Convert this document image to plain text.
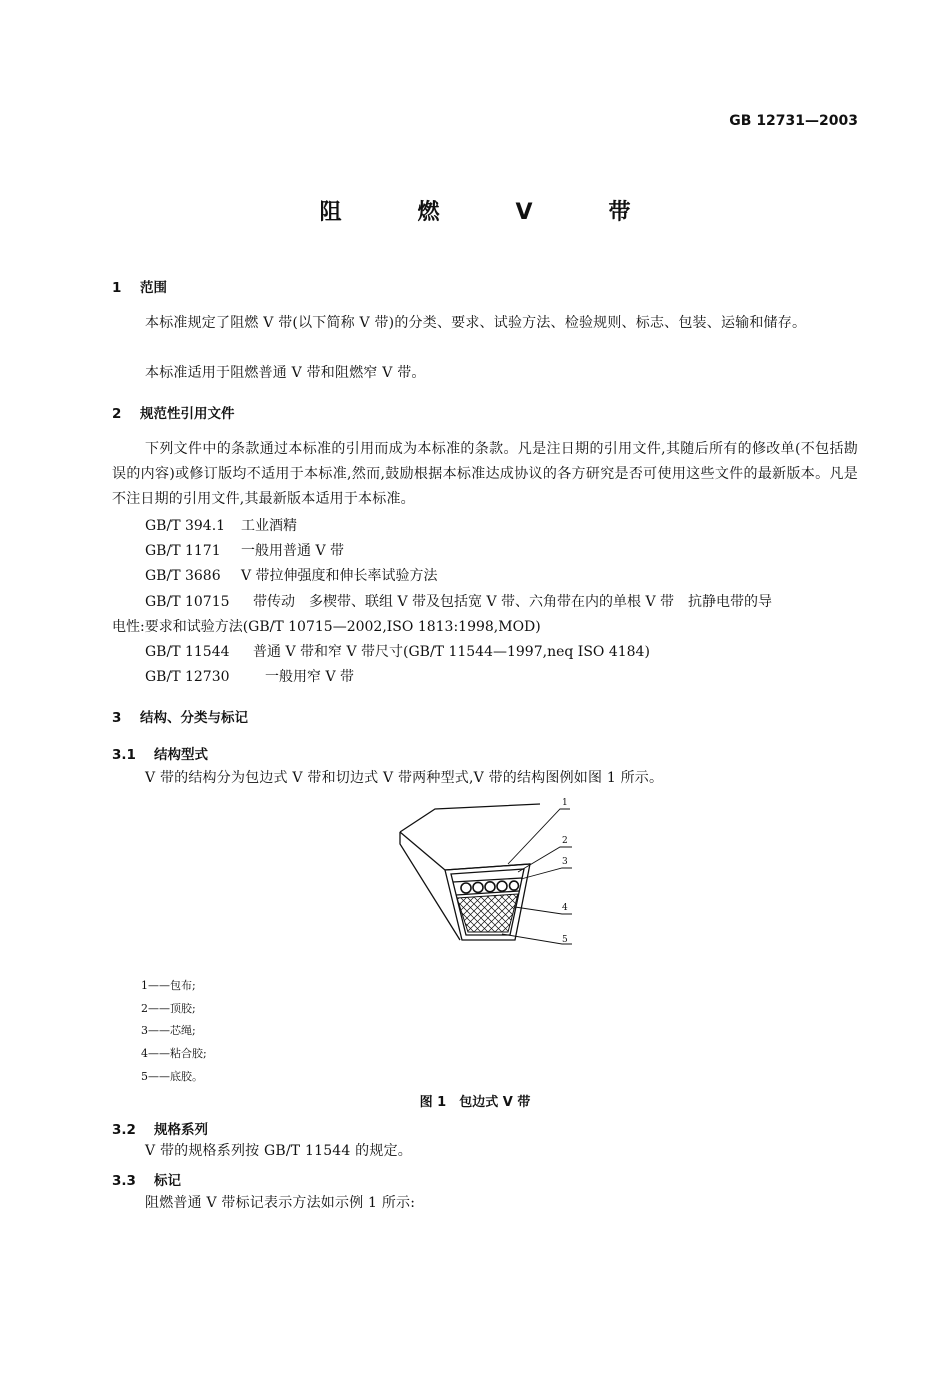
GB 12731—2003
阻	燃	V	带
1 范围
本标准规定了阻燃 V 带(以下简称 V 带)的分类、要求、试验方法、检验规则、标志、包装、运输和储存。
本标准适用于阻燃普通 V 带和阻燃窄 V 带。
2 规范性引用文件
下列文件中的条款通过本标准的引用而成为本标准的条款。凡是注日期的引用文件,其随后所有的修改单(不包括勘误的内容)或修订版均不适用于本标准,然而,鼓励根据本标准达成协议的各方研究是否可使用这些文件的最新版本。凡是不注日期的引用文件,其最新版本适用于本标准。
GB/T 394.1 工业酒精
GB/T 1171 一般用普通 V 带
GB/T 3686 V 带拉伸强度和伸长率试验方法
GB/T 10715 带传动　多楔带、联组 V 带及包括宽 V 带、六角带在内的单根 V 带　抗静电带的导
电性:要求和试验方法(GB/T 10715—2002,ISO 1813:1998,MOD)
GB/T 11544 普通 V 带和窄 V 带尺寸(GB/T 11544—1997,neq ISO 4184)
GB/T 12730	一般用窄 V 带
3 结构、分类与标记
3.1 结构型式
V 带的结构分为包边式 V 带和切边式 V 带两种型式,V 带的结构图例如图 1 所示。
1
2
3
4
5
1——包布;
2——顶胶;
3——芯绳;
4——粘合胶;
5——底胶。
图 1　包边式 V 带
3.2 规格系列
V 带的规格系列按 GB/T 11544 的规定。
3.3 标记
阻燃普通 V 带标记表示方法如示例 1 所示:
